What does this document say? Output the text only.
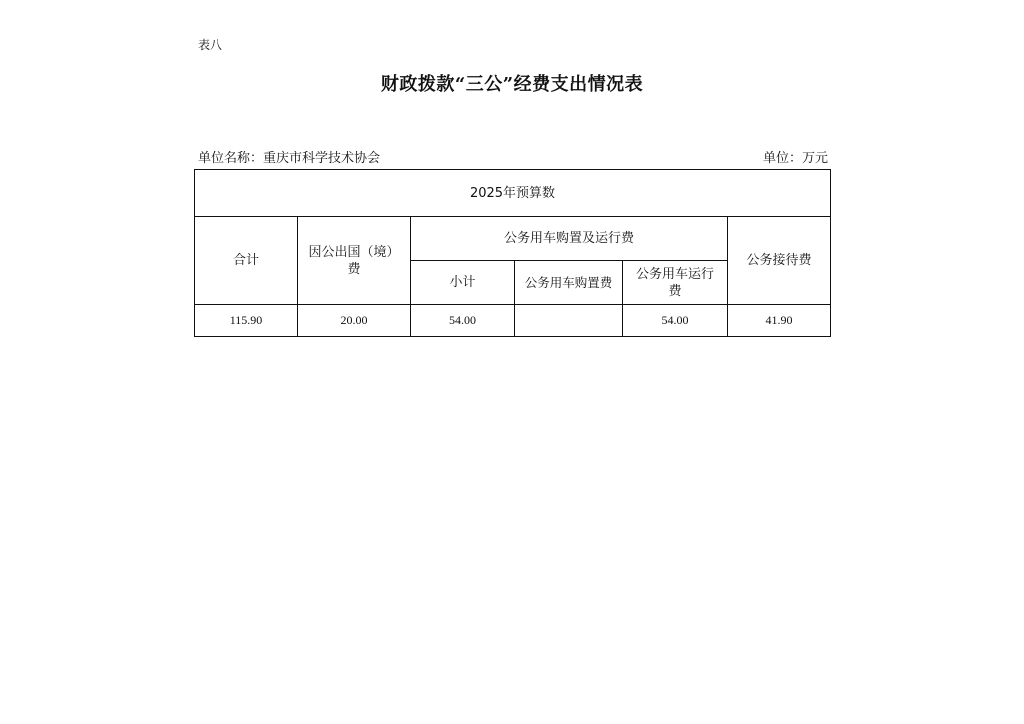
表八
财政拨款“三公”经费支出情况表
单位名称：重庆市科学技术协会	单位：万元
2025年预算数					
合计	因公出国（境）费	公务用车购置及运行费			公务接待费
		小计	公务用车购置费	公务用车运行费	
115.90	20.00	54.00		54.00	41.90
